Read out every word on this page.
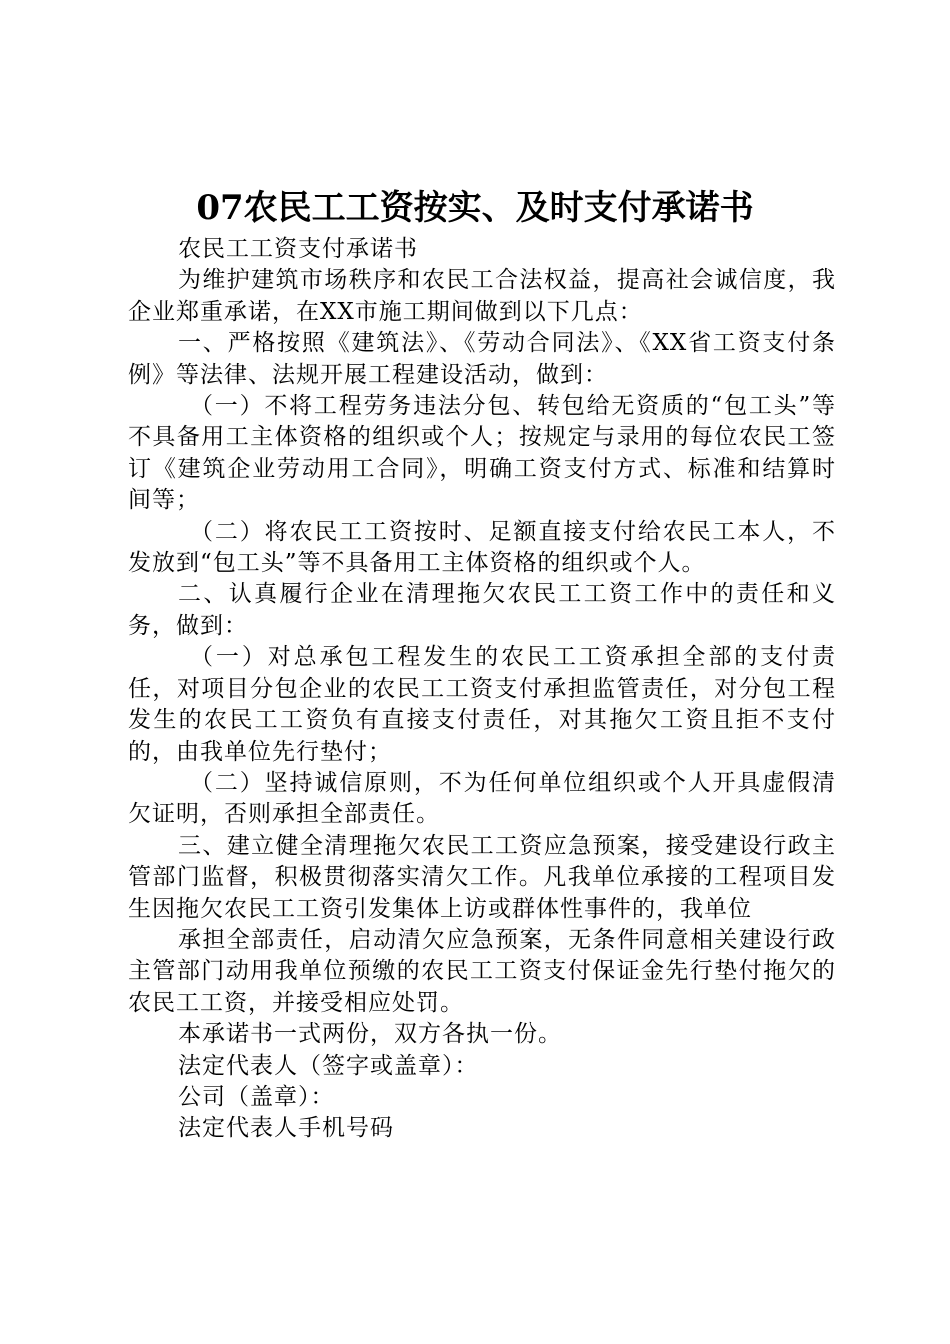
07农民工工资按实、及时支付承诺书

农民工工资支付承诺书

为维护建筑市场秩序和农民工合法权益，提高社会诚信度，我企业郑重承诺，在XX市施工期间做到以下几点：

一、严格按照《建筑法》、《劳动合同法》、《XX省工资支付条例》等法律、法规开展工程建设活动，做到：

（一）不将工程劳务违法分包、转包给无资质的“包工头”等不具备用工主体资格的组织或个人；按规定与录用的每位农民工签订《建筑企业劳动用工合同》，明确工资支付方式、标准和结算时间等；

（二）将农民工工资按时、足额直接支付给农民工本人，不发放到“包工头”等不具备用工主体资格的组织或个人。

二、认真履行企业在清理拖欠农民工工资工作中的责任和义务，做到：

（一）对总承包工程发生的农民工工资承担全部的支付责任，对项目分包企业的农民工工资支付承担监管责任，对分包工程发生的农民工工资负有直接支付责任，对其拖欠工资且拒不支付的，由我单位先行垫付；

（二）坚持诚信原则，不为任何单位组织或个人开具虚假清欠证明，否则承担全部责任。

三、建立健全清理拖欠农民工工资应急预案，接受建设行政主管部门监督，积极贯彻落实清欠工作。凡我单位承接的工程项目发生因拖欠农民工工资引发集体上访或群体性事件的，我单位

承担全部责任，启动清欠应急预案，无条件同意相关建设行政主管部门动用我单位预缴的农民工工资支付保证金先行垫付拖欠的农民工工资，并接受相应处罚。

本承诺书一式两份，双方各执一份。

法定代表人（签字或盖章）：

公司（盖章）：

法定代表人手机号码
